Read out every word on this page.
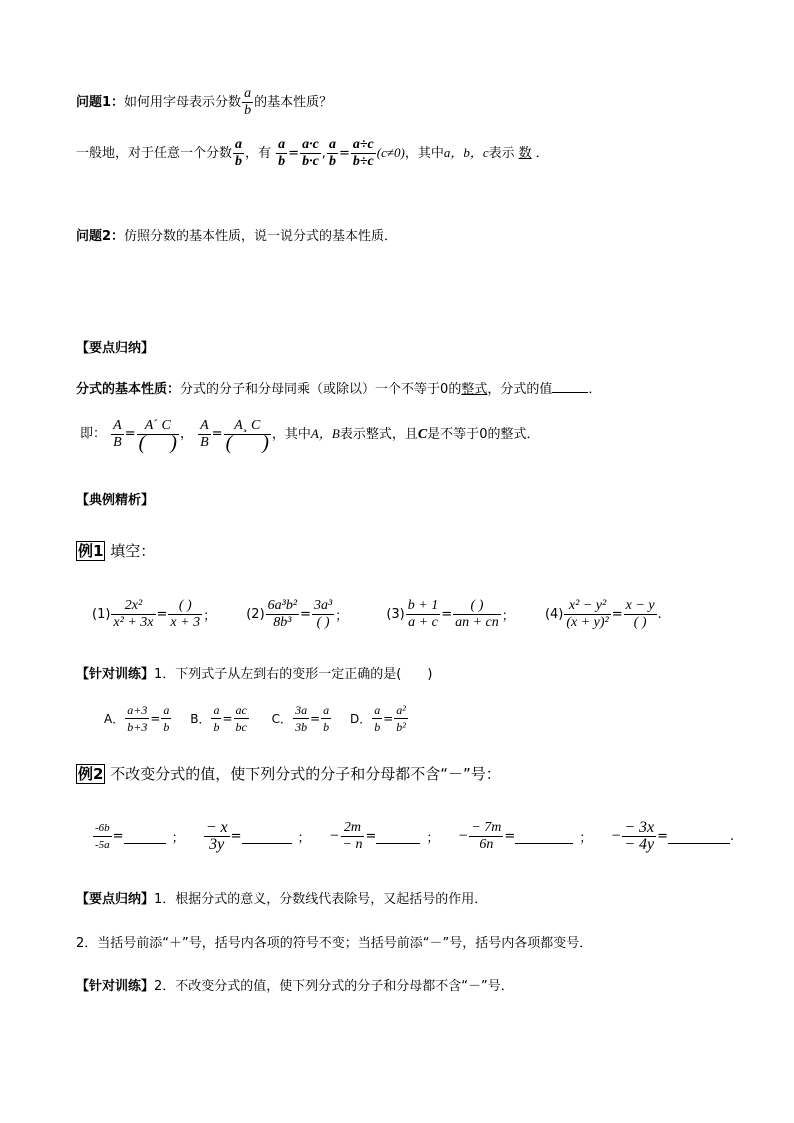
问题1：如何用字母表示分数 $\frac{a}{b}$ 的基本性质？
一般地，对于任意一个分数 $\frac{a}{b}$ ，有 $\frac{a}{b} = \frac{a\cdot c}{b\cdot c}$ , $\frac{a}{b} = \frac{a\div c}{b\div c} (c\ne 0)$，其中a，b，c表示 数 ．
问题2：仿照分数的基本性质，说一说分式的基本性质．
【要点归纳】
分式的基本性质：分式的分子和分母同乘（或除以）一个不等于0的整式，分式的值	．
即： $\frac{A}{B} = \frac{A´ C}{( )}$ ， $\frac{A}{B} = \frac{A¸ C}{( )}$ ，其中A，B表示整式，且C是不等于0的整式．
【典例精析】
例1 填空：
$(1) \frac{\text{2x²}}{\text{x² + 3x}} = \frac{( )}{x + 3}$ ； $(2) \frac{\text{6a³b²}}{\text{8b³}} = \frac{\text{3a³}}{( )}$ ；	$(3) \frac{b + 1}{a + c} = \frac{( )}{an + cn}$ ； $(4) \frac{\text{x² − y²}}{\text{(x + y)²}} = \frac{x - y}{( )}$ .
【针对训练】1．下列式子从左到右的变形一定正确的是(　　)
A． $\frac{a+3}{b+3} = \frac{a}{b}$ B． $\frac{a}{b} = \frac{ac}{bc}$ C． $\frac{3a}{3b} = \frac{a}{b}$ D． $\frac{a}{b} = \frac{\text{a²}}{\text{b²}}$
例2 不改变分式的值，使下列分式的分子和分母都不含“－”号：
$\frac{-6b}{-5a}$ =	； $\frac{- x}{3y}$ =	； − $\frac{2m}{- n}$ =	； − $\frac{- 7m}{6n}$ =	； − $\frac{- 3x}{- 4y}$ =	.
【要点归纳】1．根据分式的意义，分数线代表除号，又起括号的作用．
2．当括号前添“＋”号，括号内各项的符号不变；当括号前添“－”号，括号内各项都变号．
【针对训练】2．不改变分式的值，使下列分式的分子和分母都不含“－”号．
